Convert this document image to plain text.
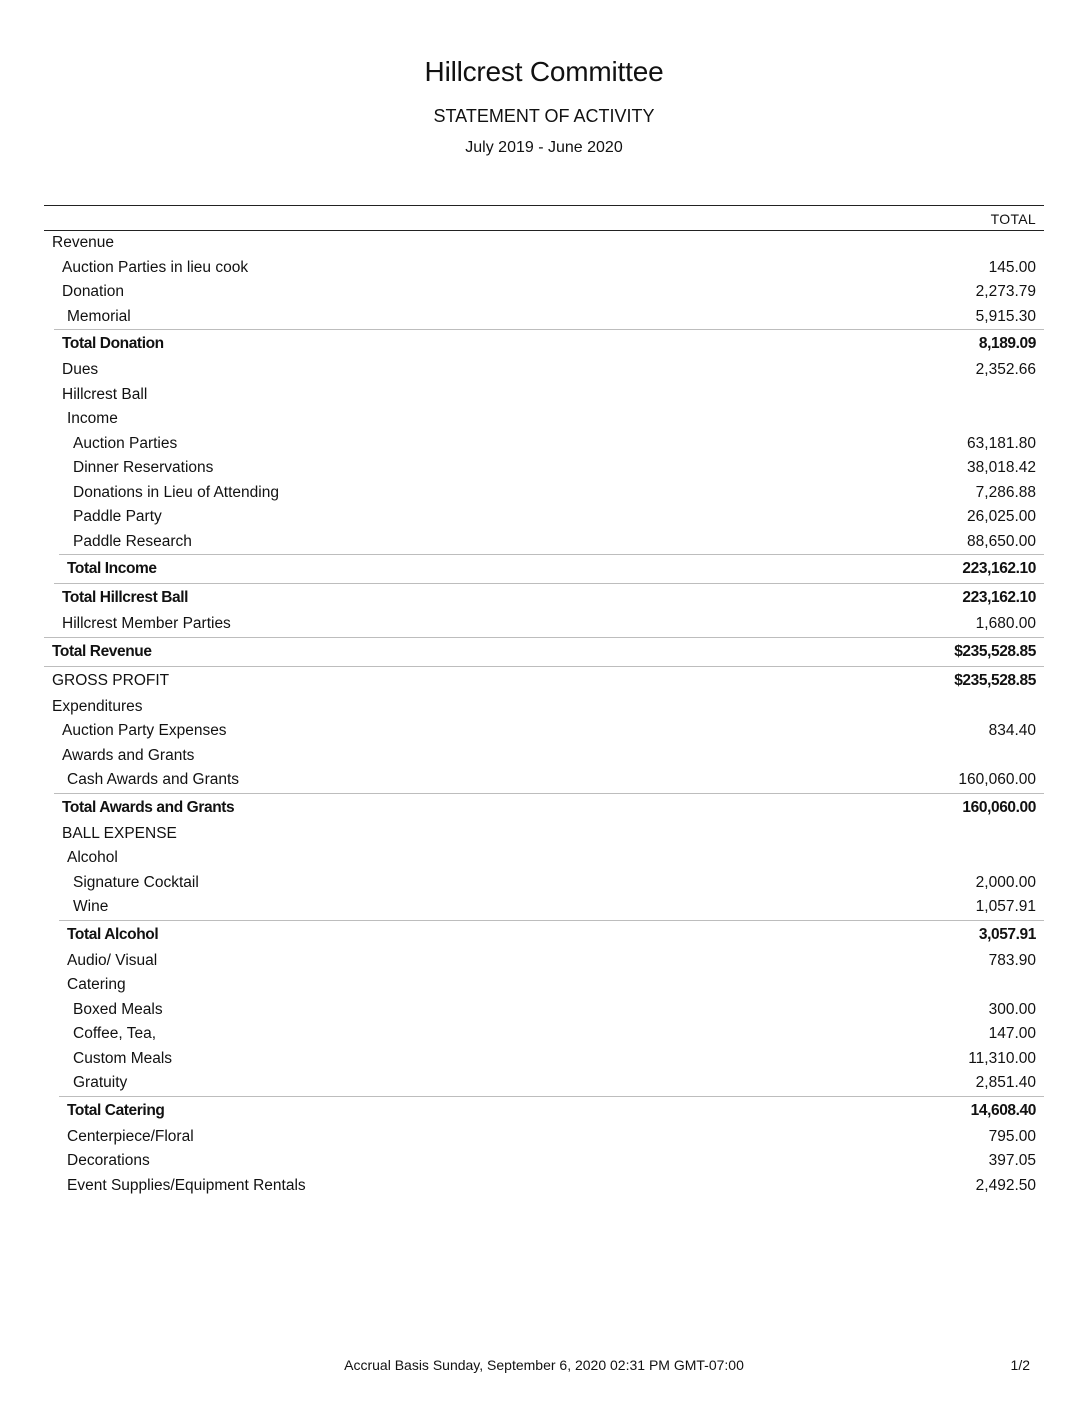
Hillcrest Committee
STATEMENT OF ACTIVITY
July 2019 - June 2020
TOTAL
Revenue
Auction Parties in lieu cook	145.00
Donation	2,273.79
Memorial	5,915.30
Total Donation	8,189.09
Dues	2,352.66
Hillcrest Ball
Income
Auction Parties	63,181.80
Dinner Reservations	38,018.42
Donations in Lieu of Attending	7,286.88
Paddle Party	26,025.00
Paddle Research	88,650.00
Total Income	223,162.10
Total Hillcrest Ball	223,162.10
Hillcrest Member Parties	1,680.00
Total Revenue	$235,528.85
GROSS PROFIT	$235,528.85
Expenditures
Auction Party Expenses	834.40
Awards and Grants
Cash Awards and Grants	160,060.00
Total Awards and Grants	160,060.00
BALL EXPENSE
Alcohol
Signature Cocktail	2,000.00
Wine	1,057.91
Total Alcohol	3,057.91
Audio/ Visual	783.90
Catering
Boxed Meals	300.00
Coffee, Tea,	147.00
Custom Meals	11,310.00
Gratuity	2,851.40
Total Catering	14,608.40
Centerpiece/Floral	795.00
Decorations	397.05
Event Supplies/Equipment Rentals	2,492.50
Accrual Basis Sunday, September 6, 2020 02:31 PM GMT-07:00	1/2
